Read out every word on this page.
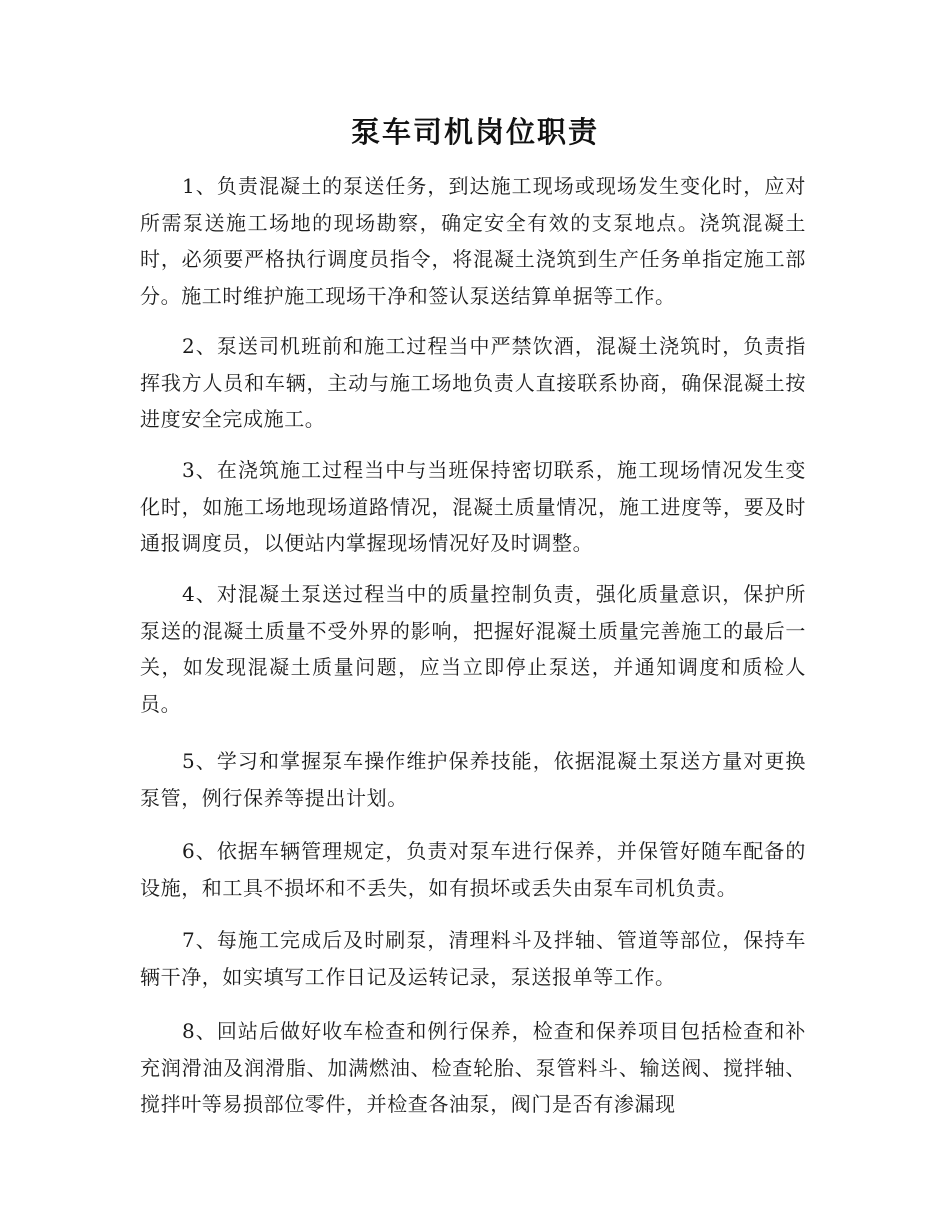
泵车司机岗位职责

1、负责混凝土的泵送任务，到达施工现场或现场发生变化时，应对所需泵送施工场地的现场勘察，确定安全有效的支泵地点。浇筑混凝土时，必须要严格执行调度员指令，将混凝土浇筑到生产任务单指定施工部分。施工时维护施工现场干净和签认泵送结算单据等工作。

2、泵送司机班前和施工过程当中严禁饮酒，混凝土浇筑时，负责指挥我方人员和车辆，主动与施工场地负责人直接联系协商，确保混凝土按进度安全完成施工。

3、在浇筑施工过程当中与当班保持密切联系，施工现场情况发生变化时，如施工场地现场道路情况，混凝土质量情况，施工进度等，要及时通报调度员，以便站内掌握现场情况好及时调整。

4、对混凝土泵送过程当中的质量控制负责，强化质量意识，保护所泵送的混凝土质量不受外界的影响，把握好混凝土质量完善施工的最后一关，如发现混凝土质量问题，应当立即停止泵送，并通知调度和质检人员。

5、学习和掌握泵车操作维护保养技能，依据混凝土泵送方量对更换泵管，例行保养等提出计划。

6、依据车辆管理规定，负责对泵车进行保养，并保管好随车配备的设施，和工具不损坏和不丢失，如有损坏或丢失由泵车司机负责。

7、每施工完成后及时刷泵，清理料斗及拌轴、管道等部位，保持车辆干净，如实填写工作日记及运转记录，泵送报单等工作。

8、回站后做好收车检查和例行保养，检查和保养项目包括检查和补充润滑油及润滑脂、加满燃油、检查轮胎、泵管料斗、输送阀、搅拌轴、搅拌叶等易损部位零件，并检查各油泵，阀门是否有渗漏现
